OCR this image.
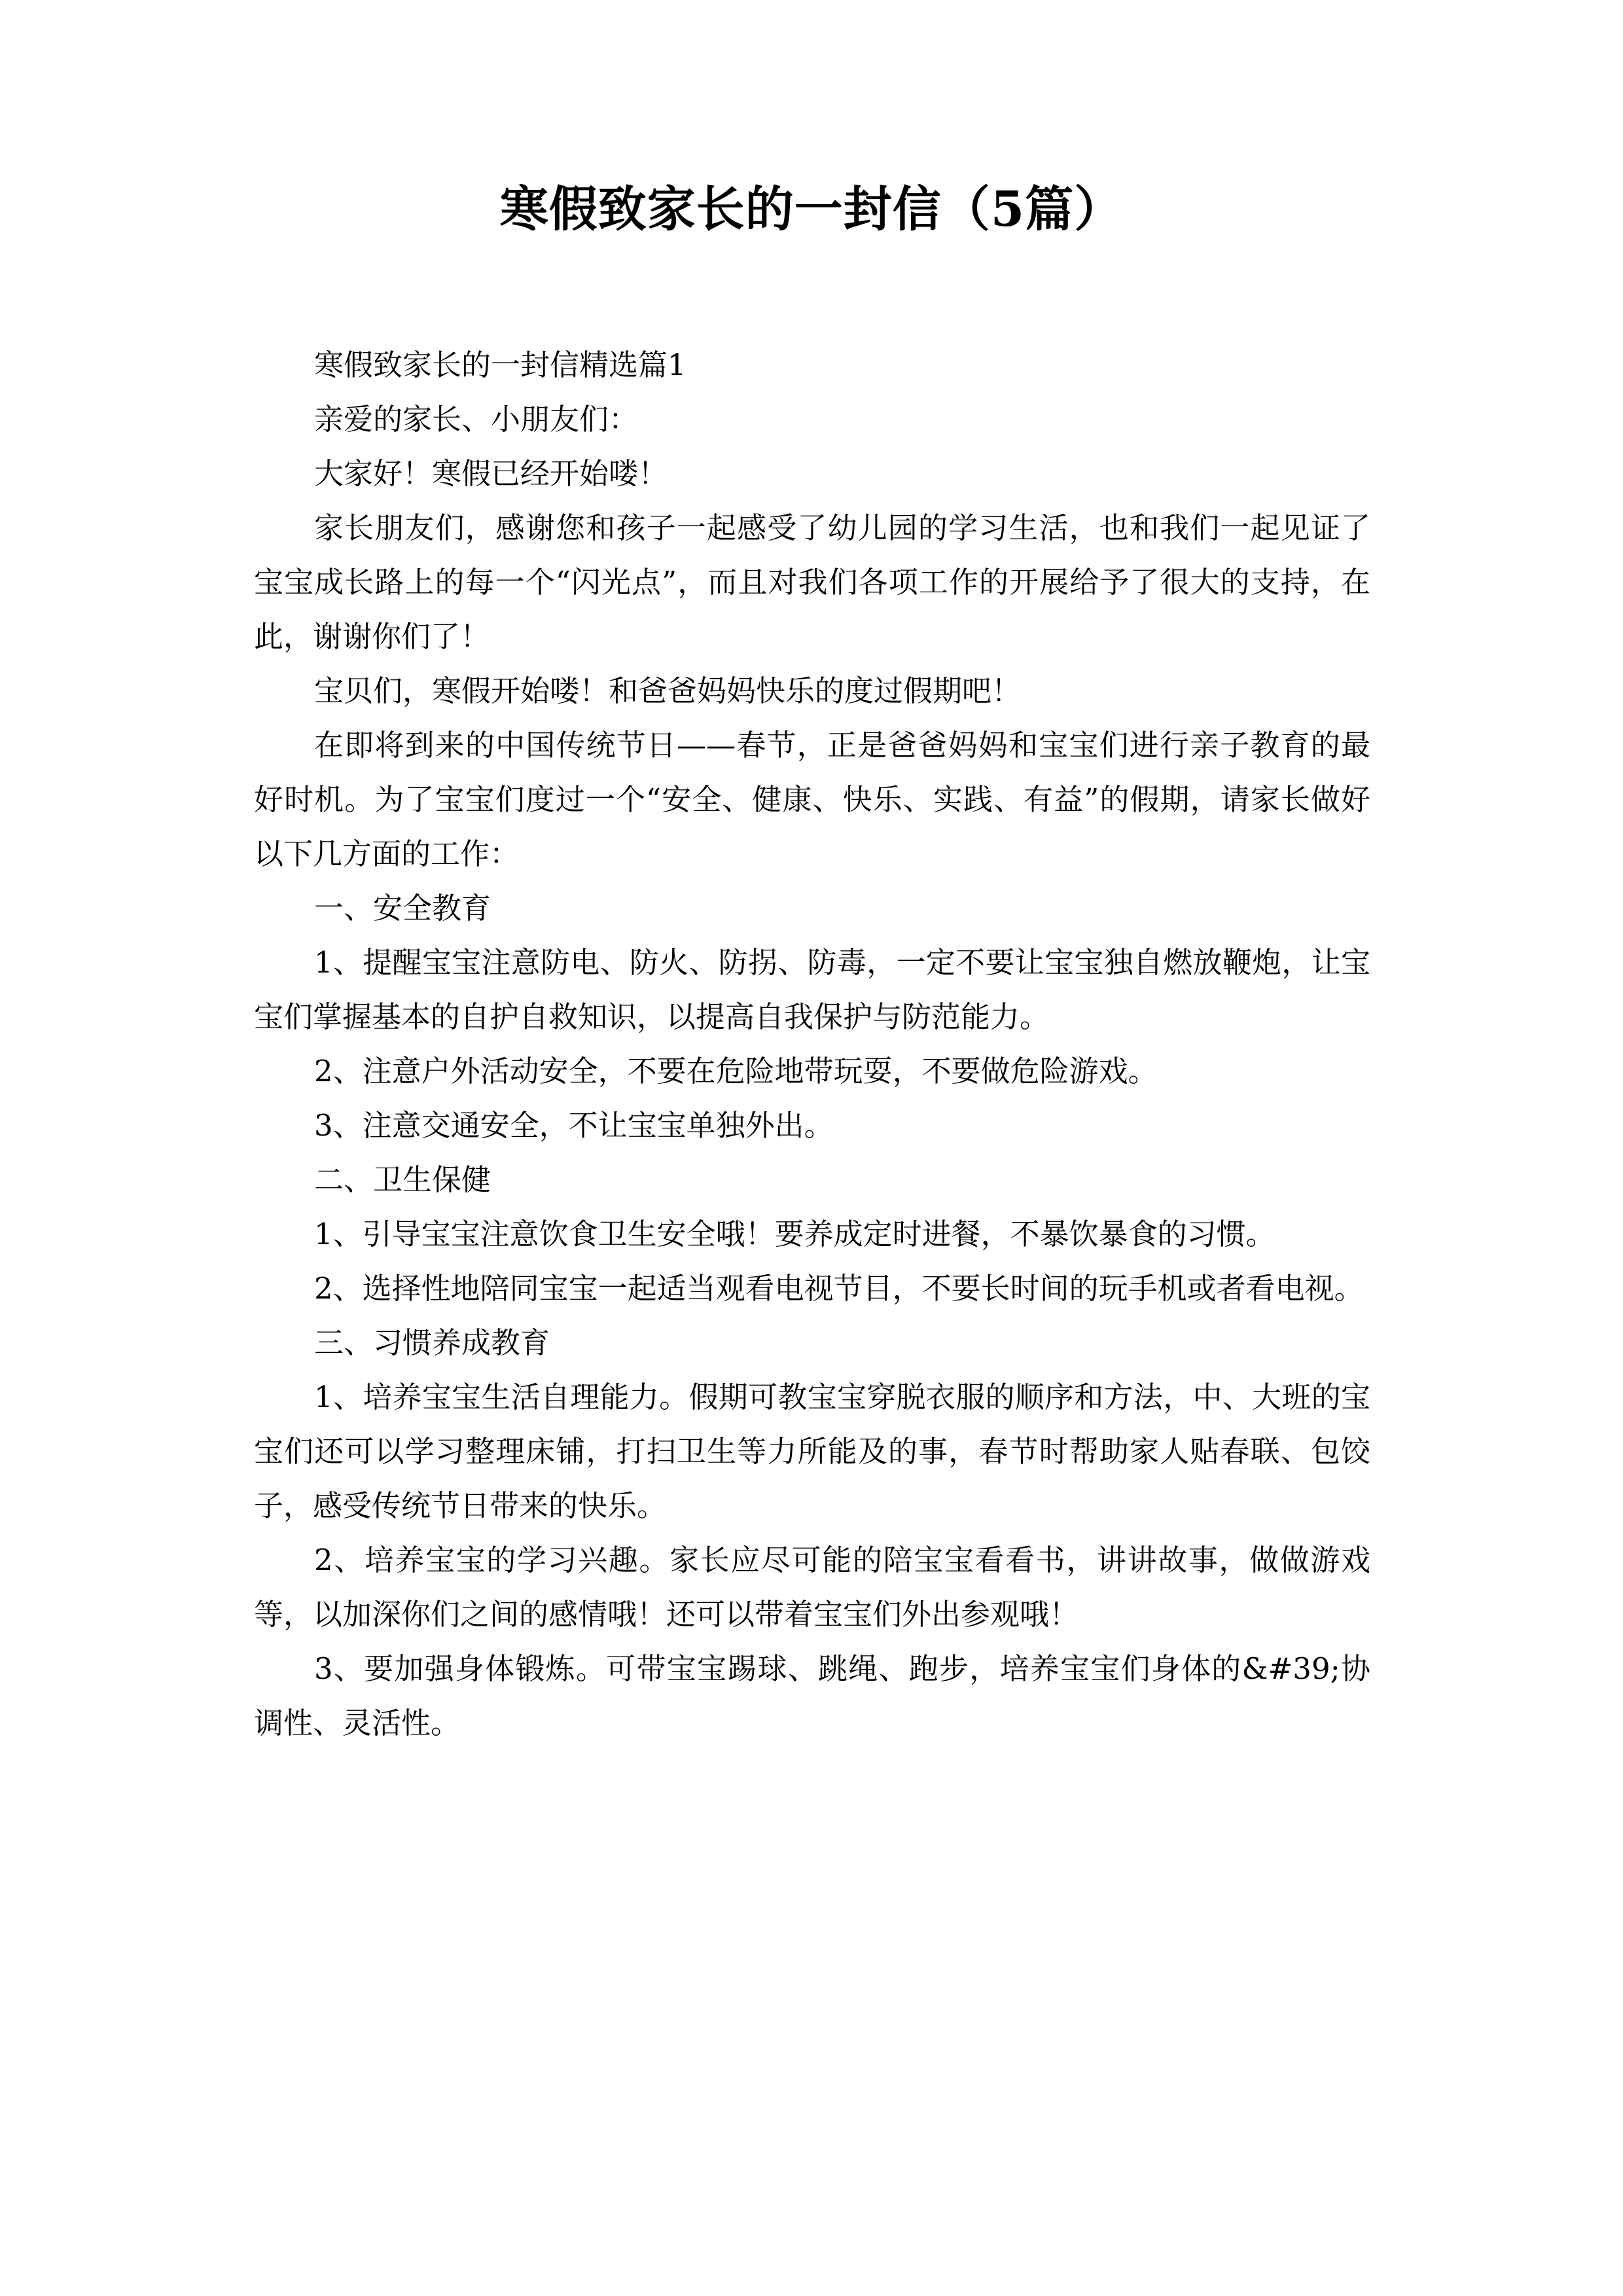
寒假致家长的一封信（5篇）

寒假致家长的一封信精选篇1

亲爱的家长、小朋友们：

大家好！寒假已经开始喽！

家长朋友们，感谢您和孩子一起感受了幼儿园的学习生活，也和我们一起见证了宝宝成长路上的每一个“闪光点”，而且对我们各项工作的开展给予了很大的支持，在此，谢谢你们了！

宝贝们，寒假开始喽！和爸爸妈妈快乐的度过假期吧！

在即将到来的中国传统节日——春节，正是爸爸妈妈和宝宝们进行亲子教育的最好时机。为了宝宝们度过一个“安全、健康、快乐、实践、有益”的假期，请家长做好以下几方面的工作：

一、安全教育

1、提醒宝宝注意防电、防火、防拐、防毒，一定不要让宝宝独自燃放鞭炮，让宝宝们掌握基本的自护自救知识，以提高自我保护与防范能力。

2、注意户外活动安全，不要在危险地带玩耍，不要做危险游戏。

3、注意交通安全，不让宝宝单独外出。

二、卫生保健

1、引导宝宝注意饮食卫生安全哦！要养成定时进餐，不暴饮暴食的习惯。

2、选择性地陪同宝宝一起适当观看电视节目，不要长时间的玩手机或者看电视。

三、习惯养成教育

1、培养宝宝生活自理能力。假期可教宝宝穿脱衣服的顺序和方法，中、大班的宝宝们还可以学习整理床铺，打扫卫生等力所能及的事，春节时帮助家人贴春联、包饺子，感受传统节日带来的快乐。

2、培养宝宝的学习兴趣。家长应尽可能的陪宝宝看看书，讲讲故事，做做游戏等，以加深你们之间的感情哦！还可以带着宝宝们外出参观哦！

3、要加强身体锻炼。可带宝宝踢球、跳绳、跑步，培养宝宝们身体的&#39;协调性、灵活性。
